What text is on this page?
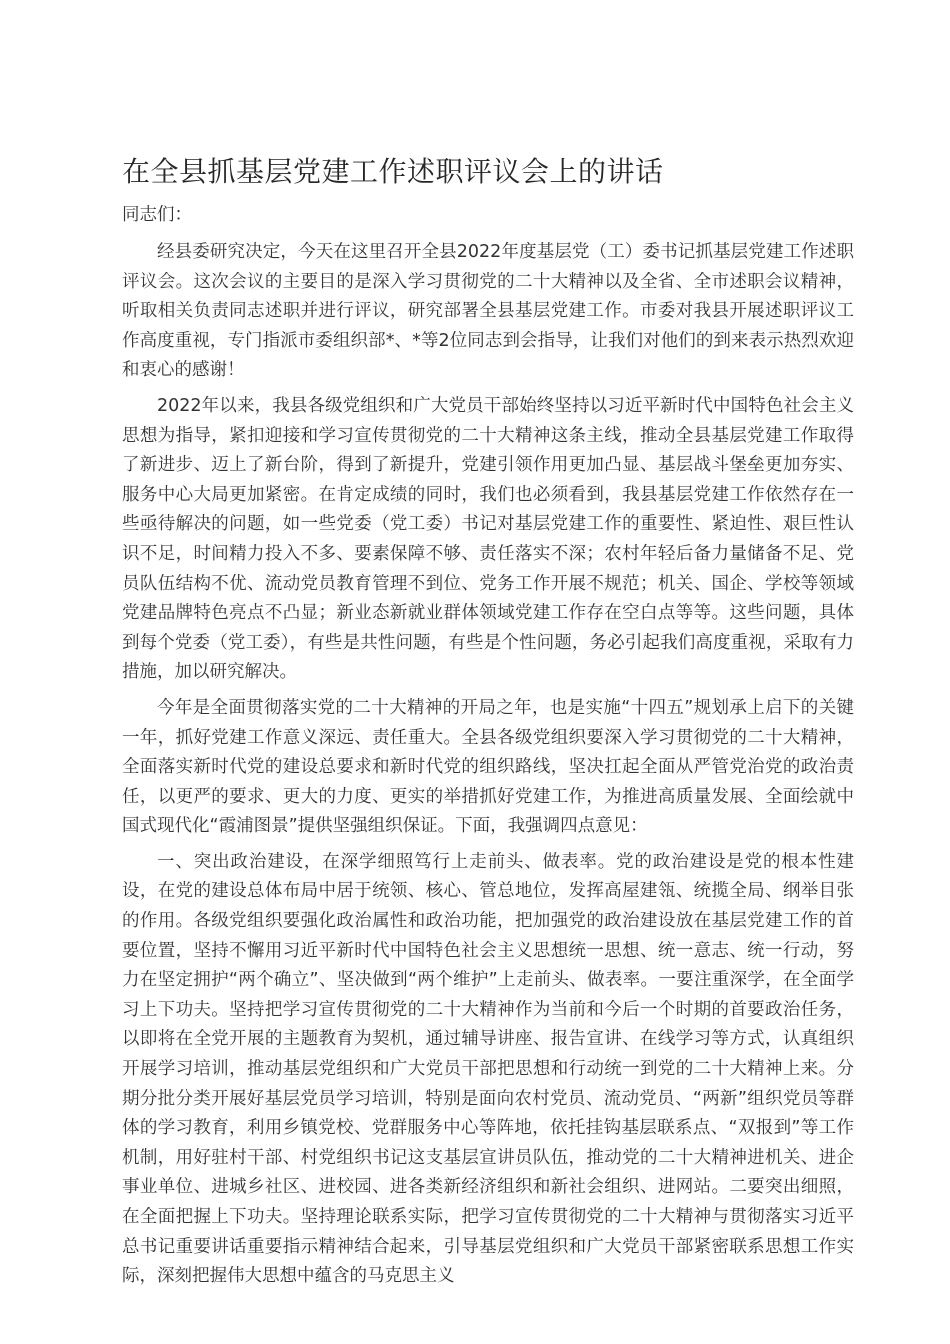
在全县抓基层党建工作述职评议会上的讲话

同志们：

经县委研究决定，今天在这里召开全县2022年度基层党（工）委书记抓基层党建工作述职评议会。这次会议的主要目的是深入学习贯彻党的二十大精神以及全省、全市述职会议精神，听取相关负责同志述职并进行评议，研究部署全县基层党建工作。市委对我县开展述职评议工作高度重视，专门指派市委组织部*、*等2位同志到会指导，让我们对他们的到来表示热烈欢迎和衷心的感谢！

2022年以来，我县各级党组织和广大党员干部始终坚持以习近平新时代中国特色社会主义思想为指导，紧扣迎接和学习宣传贯彻党的二十大精神这条主线，推动全县基层党建工作取得了新进步、迈上了新台阶，得到了新提升，党建引领作用更加凸显、基层战斗堡垒更加夯实、服务中心大局更加紧密。在肯定成绩的同时，我们也必须看到，我县基层党建工作依然存在一些亟待解决的问题，如一些党委（党工委）书记对基层党建工作的重要性、紧迫性、艰巨性认识不足，时间精力投入不多、要素保障不够、责任落实不深；农村年轻后备力量储备不足、党员队伍结构不优、流动党员教育管理不到位、党务工作开展不规范；机关、国企、学校等领域党建品牌特色亮点不凸显；新业态新就业群体领域党建工作存在空白点等等。这些问题，具体到每个党委（党工委），有些是共性问题，有些是个性问题，务必引起我们高度重视，采取有力措施，加以研究解决。

今年是全面贯彻落实党的二十大精神的开局之年，也是实施“十四五”规划承上启下的关键一年，抓好党建工作意义深远、责任重大。全县各级党组织要深入学习贯彻党的二十大精神，全面落实新时代党的建设总要求和新时代党的组织路线，坚决扛起全面从严管党治党的政治责任，以更严的要求、更大的力度、更实的举措抓好党建工作，为推进高质量发展、全面绘就中国式现代化“霞浦图景”提供坚强组织保证。下面，我强调四点意见：

一、突出政治建设，在深学细照笃行上走前头、做表率。党的政治建设是党的根本性建设，在党的建设总体布局中居于统领、核心、管总地位，发挥高屋建瓴、统揽全局、纲举目张的作用。各级党组织要强化政治属性和政治功能，把加强党的政治建设放在基层党建工作的首要位置，坚持不懈用习近平新时代中国特色社会主义思想统一思想、统一意志、统一行动，努力在坚定拥护“两个确立”、坚决做到“两个维护”上走前头、做表率。一要注重深学，在全面学习上下功夫。坚持把学习宣传贯彻党的二十大精神作为当前和今后一个时期的首要政治任务，以即将在全党开展的主题教育为契机，通过辅导讲座、报告宣讲、在线学习等方式，认真组织开展学习培训，推动基层党组织和广大党员干部把思想和行动统一到党的二十大精神上来。分期分批分类开展好基层党员学习培训，特别是面向农村党员、流动党员、“两新”组织党员等群体的学习教育，利用乡镇党校、党群服务中心等阵地，依托挂钩基层联系点、“双报到”等工作机制，用好驻村干部、村党组织书记这支基层宣讲员队伍，推动党的二十大精神进机关、进企事业单位、进城乡社区、进校园、进各类新经济组织和新社会组织、进网站。二要突出细照，在全面把握上下功夫。坚持理论联系实际，把学习宣传贯彻党的二十大精神与贯彻落实习近平总书记重要讲话重要指示精神结合起来，引导基层党组织和广大党员干部紧密联系思想工作实际，深刻把握伟大思想中蕴含的马克思主义
